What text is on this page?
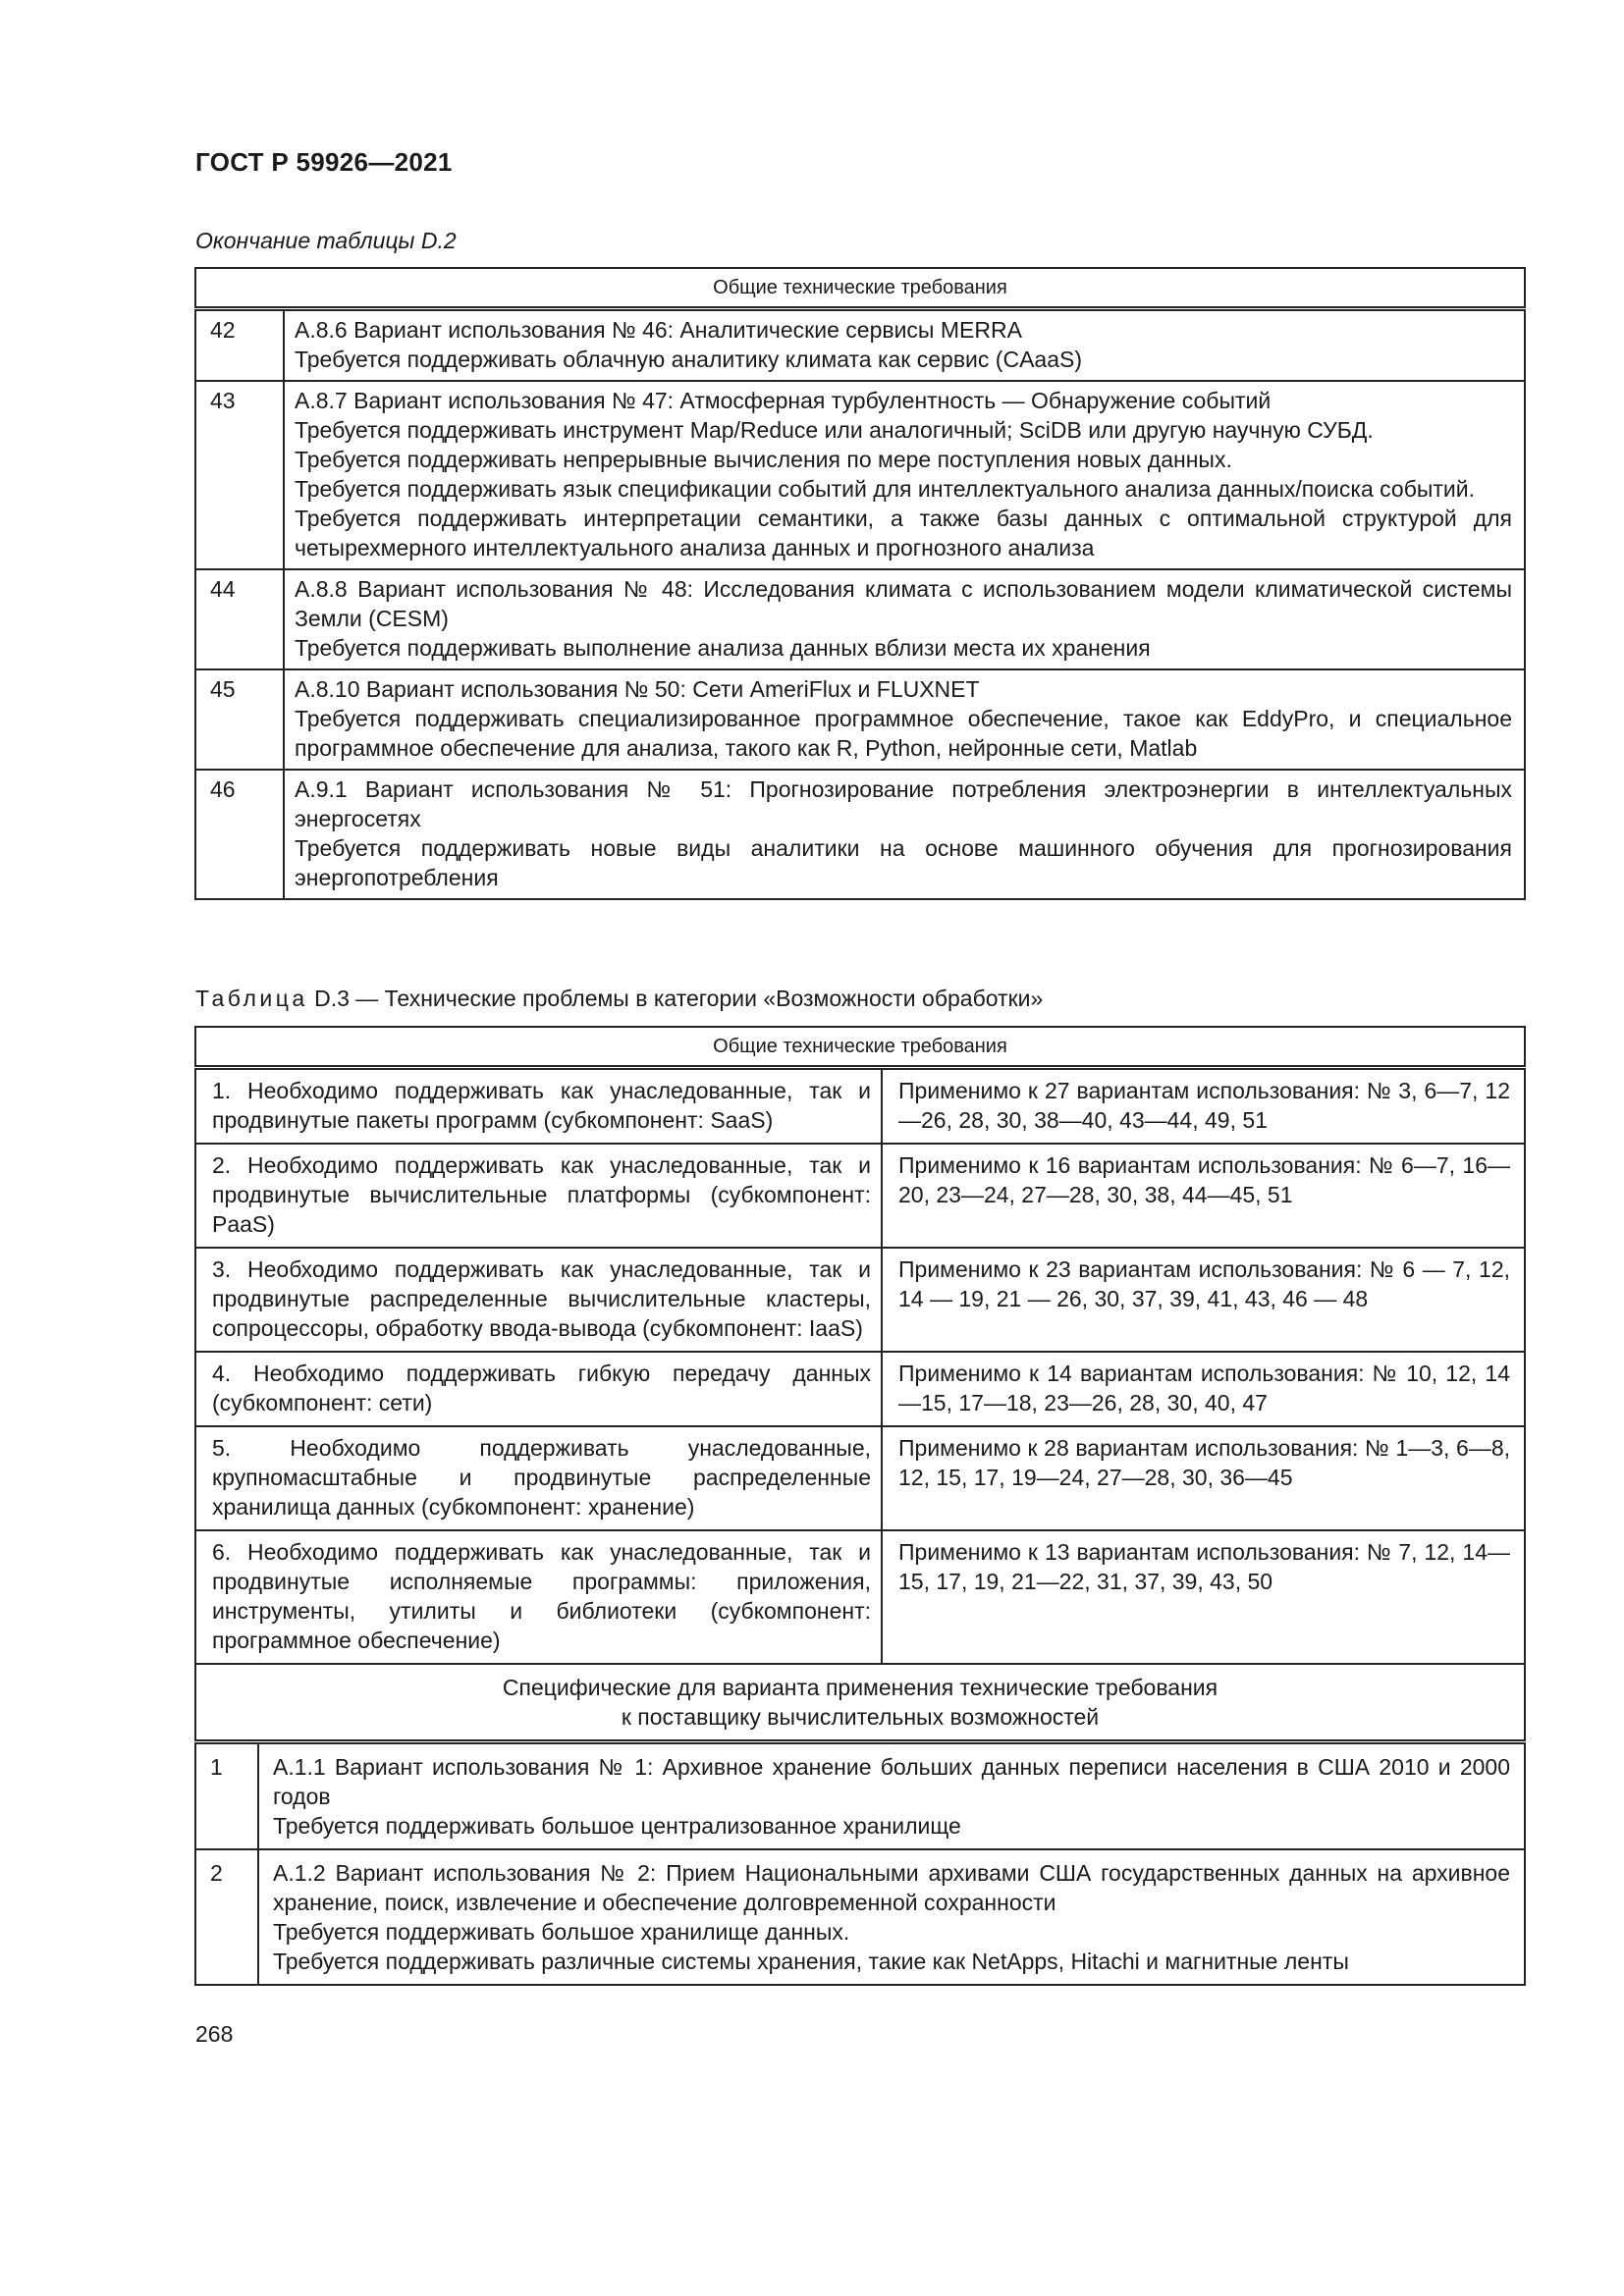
ГОСТ Р 59926—2021
Окончание таблицы D.2
Общие технические требования	
42	А.8.6 Вариант использования № 46: Аналитические сервисы MERRA
Требуется поддерживать облачную аналитику климата как сервис (CAaaS)

43	А.8.7 Вариант использования № 47: Атмосферная турбулентность — Обнаружение событий
Требуется поддерживать инструмент Map/Reduce или аналогичный; SciDB или другую научную СУБД.
Требуется поддерживать непрерывные вычисления по мере поступления новых данных.
Требуется поддерживать язык спецификации событий для интеллектуального анализа данных/поиска событий.
Требуется поддерживать интерпретации семантики, а также базы данных с оптимальной структурой для четырехмерного интеллектуального анализа данных и прогнозного анализа

44	А.8.8 Вариант использования № 48: Исследования климата с использованием модели климатической системы Земли (CESM)
Требуется поддерживать выполнение анализа данных вблизи места их хранения

45	А.8.10 Вариант использования № 50: Сети AmeriFlux и FLUXNET
Требуется поддерживать специализированное программное обеспечение, такое как EddyPro, и специальное программное обеспечение для анализа, такого как R, Python, нейронные сети, Matlab

46	А.9.1 Вариант использования № 51: Прогнозирование потребления электроэнергии в интеллектуальных энергосетях
Требуется поддерживать новые виды аналитики на основе машинного обучения для прогнозирования энергопотребления
Таблица D.3 — Технические проблемы в категории «Возможности обработки»
Общие технические требования		
1. Необходимо поддерживать как унаследованные, так и продвинутые пакеты программ (субкомпонент: SaaS)		Применимо к 27 вариантам использования: № 3, 6—7, 12—26, 28, 30, 38—40, 43—44, 49, 51
2. Необходимо поддерживать как унаследованные, так и продвинутые вычислительные платформы (субкомпонент: PaaS)		Применимо к 16 вариантам использования: № 6—7, 16—20, 23—24, 27—28, 30, 38, 44—45, 51
3. Необходимо поддерживать как унаследованные, так и продвинутые распределенные вычислительные кластеры, сопроцессоры, обработку ввода-вывода (субкомпонент: IaaS)		Применимо к 23 вариантам использования: № 6 — 7, 12, 14 — 19, 21 — 26, 30, 37, 39, 41, 43, 46 — 48
4. Необходимо поддерживать гибкую передачу данных (субкомпонент: сети)		Применимо к 14 вариантам использования: № 10, 12, 14—15, 17—18, 23—26, 28, 30, 40, 47
5. Необходимо поддерживать унаследованные, крупномасштабные и продвинутые распределенные хранилища данных (субкомпонент: хранение)		Применимо к 28 вариантам использования: № 1—3, 6—8, 12, 15, 17, 19—24, 27—28, 30, 36—45
6. Необходимо поддерживать как унаследованные, так и продвинутые исполняемые программы: приложения, инструменты, утилиты и библиотеки (субкомпонент: программное обеспечение)		Применимо к 13 вариантам использования: № 7, 12, 14—15, 17, 19, 21—22, 31, 37, 39, 43, 50

Специфические для варианта применения технические требования
к поставщику вычислительных возможностей		

1	А.1.1 Вариант использования № 1: Архивное хранение больших данных переписи населения в США 2010 и 2000 годов
Требуется поддерживать большое централизованное хранилище	

2	А.1.2 Вариант использования № 2: Прием Национальными архивами США государственных данных на архивное хранение, поиск, извлечение и обеспечение долговременной сохранности
Требуется поддерживать большое хранилище данных.
Требуется поддерживать различные системы хранения, такие как NetApps, Hitachi и магнитные ленты	
268
